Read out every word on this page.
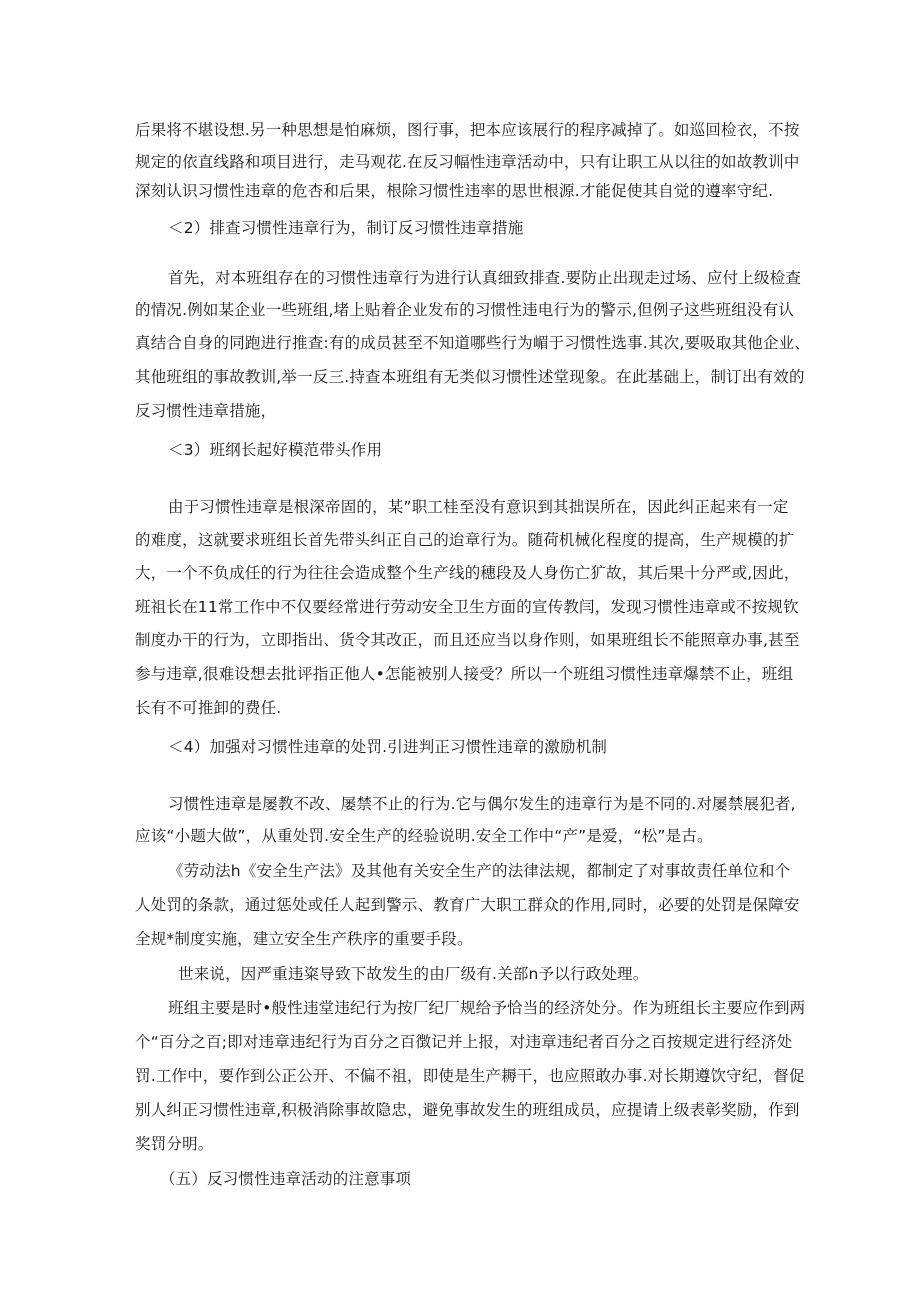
后果将不堪设想.另一种思想是怕麻烦，图行事，把本应该展行的程序减掉了。如巡回检衣，不按
规定的依直线路和项目进行，走马观花.在反习幅性违章活动中，只有让职工从以往的如故教训中
深刻认识习惯性违章的危杏和后果，根除习惯性违率的思世根源.才能促使其自觉的遵率守纪.
＜2）排查习惯性违章行为，制订反习惯性违章措施
首先，对本班组存在的习惯性违章行为进行认真细致排查.要防止出现走过场、应付上级检查
的情况.例如某企业一些班组,堵上贴着企业发布的习惯性违电行为的警示,但例子这些班组没有认
真结合自身的同跑进行推查:有的成员甚至不知道哪些行为嵋于习惯性选事.其次,要吸取其他企业、
其他班组的事故教训,举一反三.持查本班组有无类似习惯性述堂现象。在此基础上，制订出有效的
反习惯性违章措施，
＜3）班纲长起好模范带头作用
由于习惯性违章是根深帝固的，某”职工桂至没有意识到其拙误所在，因此纠正起来有一定
的难度，这就要求班组长首先带头纠正自己的迨章行为。随荷机械化程度的提高，生产规模的扩
大，一个不负成任的行为往往会造成整个生产线的穗段及人身伤亡犷故，其后果十分严或,因此，
班祖长在11常工作中不仅要经常进行劳动安全卫生方面的宣传教闫，发现习惯性违章或不按规钦
制度办干的行为，立即指出、货令其改正，而且还应当以身作则，如果班组长不能照章办事,甚至
参与违章,很难设想去批评指正他人•怎能被别人接受？所以一个班组习惯性违章爆禁不止，班组
长有不可推卸的费任.
＜4）加强对习惯性违章的处罚.引进判正习惯性违章的激励机制
习惯性违章是屡教不改、屡禁不止的行为.它与偶尔发生的违章行为是不同的.对屡禁展犯者,
应该“小题大做”，从重处罚.安全生产的经验说明.安全工作中“产”是爱，“松”是古。
《劳动法h《安全生产法》及其他有关安全生产的法律法规，都制定了对事故责任单位和个
人处罚的条款，通过惩处或任人起到警示、教育广大职工群众的作用,同时，必要的处罚是保障安
全规*制度实施，建立安全生产秩序的重要手段。
世来说，因严重违粢导致下故发生的由厂级有.关部n予以行政处理。
班组主要是时•般性违堂违纪行为按厂纪厂规给予恰当的经济处分。作为班组长主要应作到两
个“百分之百;即对违章违纪行为百分之百徴记并上报，对违章违纪者百分之百按规定进行经济处
罚.工作中，要作到公正公开、不偏不祖，即使是生产耨干，也应照敢办事.对长期遵饮守纪，督促
别人纠正习惯性违章,积极消除事故隐忠，避免事故发生的班组成员，应提请上级表彰奖励，作到
奖罚分明。
（五）反习惯性违章活动的注意事项
